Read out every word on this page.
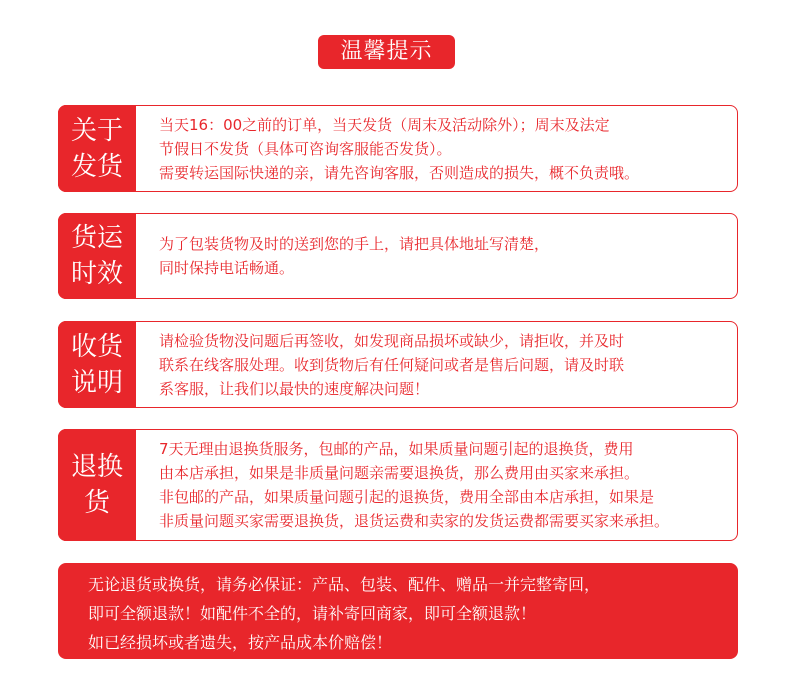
温馨提示
关于发货
当天16：00之前的订单，当天发货（周末及活动除外）；周末及法定
节假日不发货（具体可咨询客服能否发货）。
需要转运国际快递的亲，请先咨询客服，否则造成的损失，概不负责哦。
货运时效
为了包装货物及时的送到您的手上，请把具体地址写清楚，
同时保持电话畅通。
收货说明
请检验货物没问题后再签收，如发现商品损坏或缺少，请拒收，并及时
联系在线客服处理。收到货物后有任何疑问或者是售后问题，请及时联
系客服，让我们以最快的速度解决问题！
退换货
7天无理由退换货服务，包邮的产品，如果质量问题引起的退换货，费用
由本店承担，如果是非质量问题亲需要退换货，那么费用由买家来承担。
非包邮的产品，如果质量问题引起的退换货，费用全部由本店承担，如果是
非质量问题买家需要退换货，退货运费和卖家的发货运费都需要买家来承担。
无论退货或换货，请务必保证：产品、包装、配件、赠品一并完整寄回，
即可全额退款！如配件不全的，请补寄回商家，即可全额退款！
如已经损坏或者遗失，按产品成本价赔偿！
